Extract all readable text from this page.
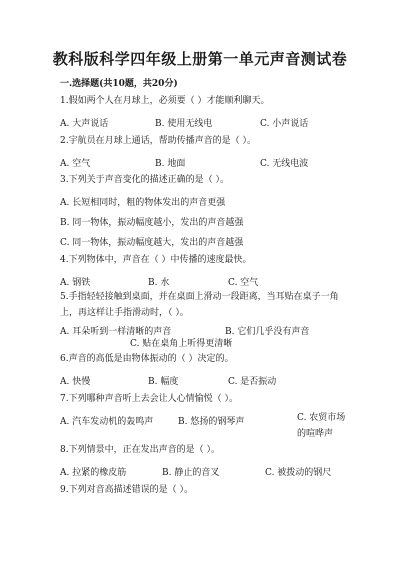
教科版科学四年级上册第一单元声音测试卷
一.选择题(共10题，共20分)
1.假如两个人在月球上，必须要（ ）才能顺利聊天。
A. 大声说话	B. 使用无线电	C. 小声说话
2.宇航员在月球上通话，帮助传播声音的是（ ）。
A. 空气	B. 地面	C. 无线电波
3.下列关于声音变化的描述正确的是（ ）。
A. 长短相同时，粗的物体发出的声音更强
B. 同一物体，振动幅度越小，发出的声音越强
C. 同一物体，振动幅度越大，发出的声音越强
4.下列物体中，声音在（ ）中传播的速度最快。
A. 钢铁	B. 水	C. 空气
5.手指轻轻接触到桌面，并在桌面上滑动一段距离，当耳贴在桌子一角上，再这样让手指滑动时，（ ）。
A. 耳朵听到一样清晰的声音	B. 它们几乎没有声音
C. 贴在桌角上听得更清晰
6.声音的高低是由物体振动的（ ）决定的。
A. 快慢	B. 幅度	C. 是否振动
7.下列哪种声音听上去会让人心情愉悦（ ）。
A. 汽车发动机的轰鸣声	B. 悠扬的钢琴声	C. 农贸市场的喧哗声
8.下列情景中，正在发出声音的是（ ）。
A. 拉紧的橡皮筋	B. 静止的音叉	C. 被拨动的钢尺
9.下列对音高描述错误的是（ ）。
